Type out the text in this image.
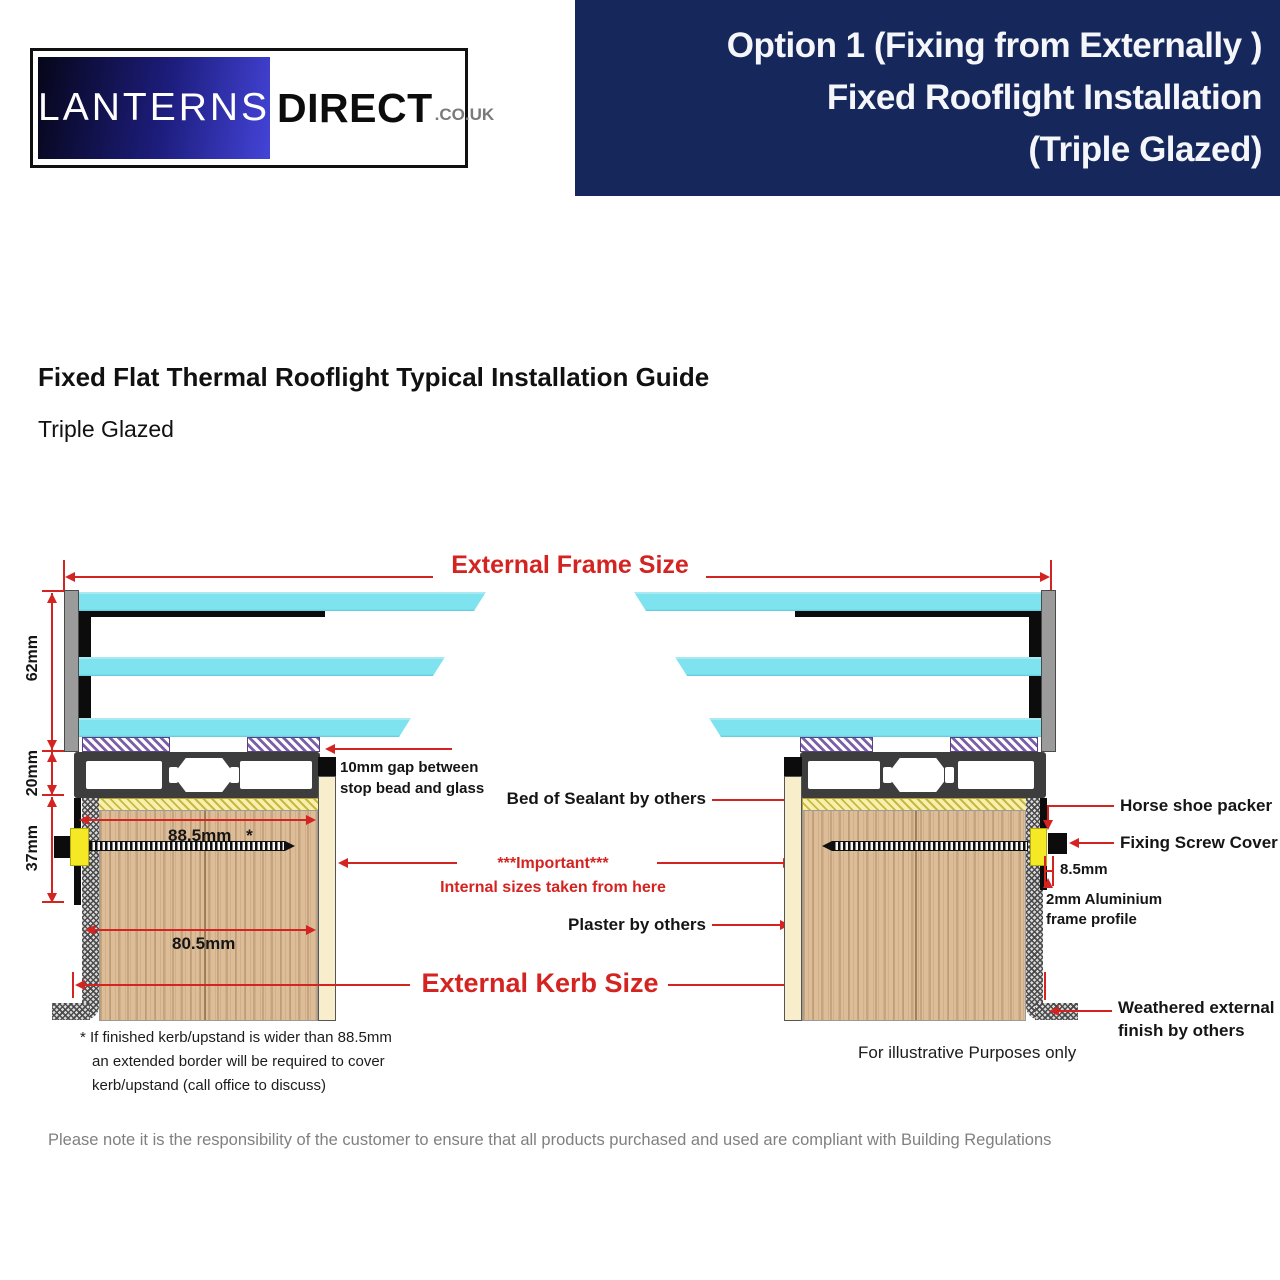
LANTERNS DIRECT .CO.UK
Option 1 (Fixing from Externally )
Fixed Rooflight Installation
(Triple Glazed)
Fixed Flat Thermal Rooflight Typical Installation Guide
Triple Glazed
External Frame Size
62mm
20mm
37mm	88.5mm *
80.5mm
10mm gap between
stop bead and glass
Bed of Sealant by others
***Important***
Internal sizes taken from here
Plaster by others
External Kerb Size
* If finished kerb/upstand is wider than 88.5mm
an extended border will be required to cover
kerb/upstand (call office to discuss)
Horse shoe packer
Fixing Screw Cover
8.5mm
2mm Aluminium
frame profile
Weathered external
finish by others
For illustrative Purposes only
Please note it is the responsibility of the customer to ensure that all products purchased and used are compliant with Building Regulations
